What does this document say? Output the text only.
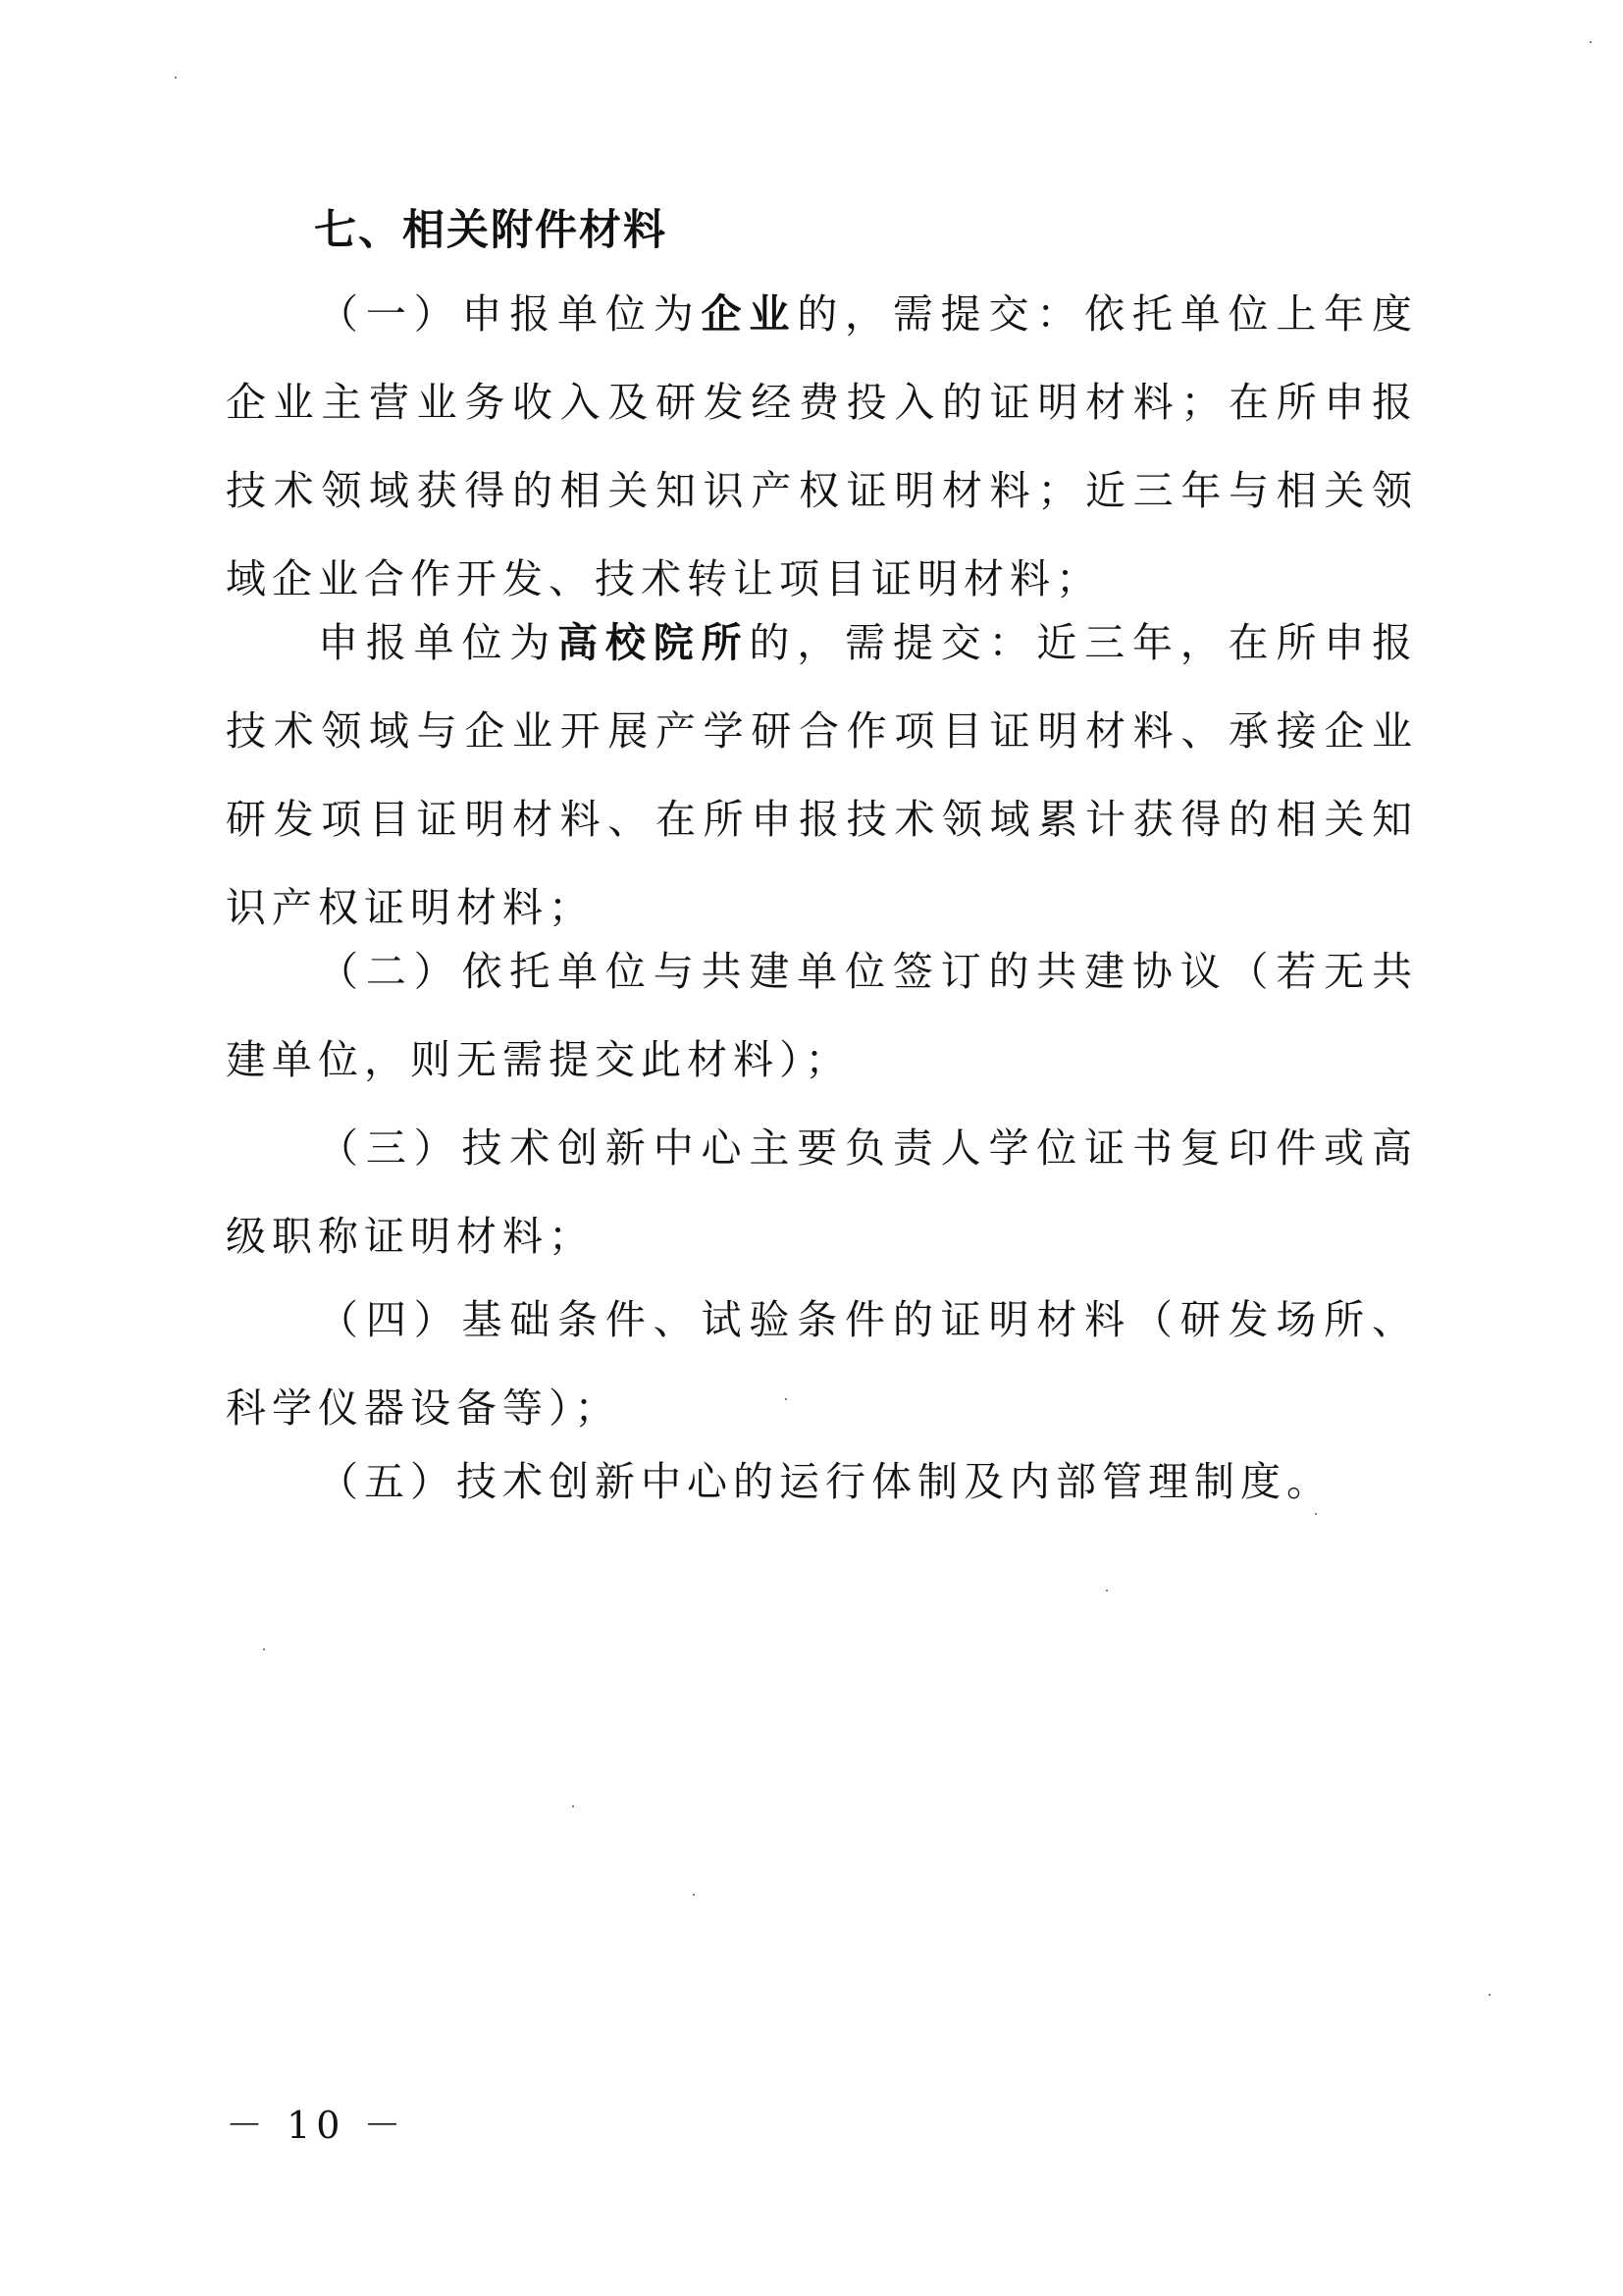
七、相关附件材料

（一）申报单位为企业的，需提交：依托单位上年度企业主营业务收入及研发经费投入的证明材料；在所申报技术领域获得的相关知识产权证明材料；近三年与相关领域企业合作开发、技术转让项目证明材料；

申报单位为高校院所的，需提交：近三年，在所申报技术领域与企业开展产学研合作项目证明材料、承接企业研发项目证明材料、在所申报技术领域累计获得的相关知识产权证明材料；

（二）依托单位与共建单位签订的共建协议（若无共建单位，则无需提交此材料）；

（三）技术创新中心主要负责人学位证书复印件或高级职称证明材料；

（四）基础条件、试验条件的证明材料（研发场所、科学仪器设备等）；

（五）技术创新中心的运行体制及内部管理制度。

－ 10 －
